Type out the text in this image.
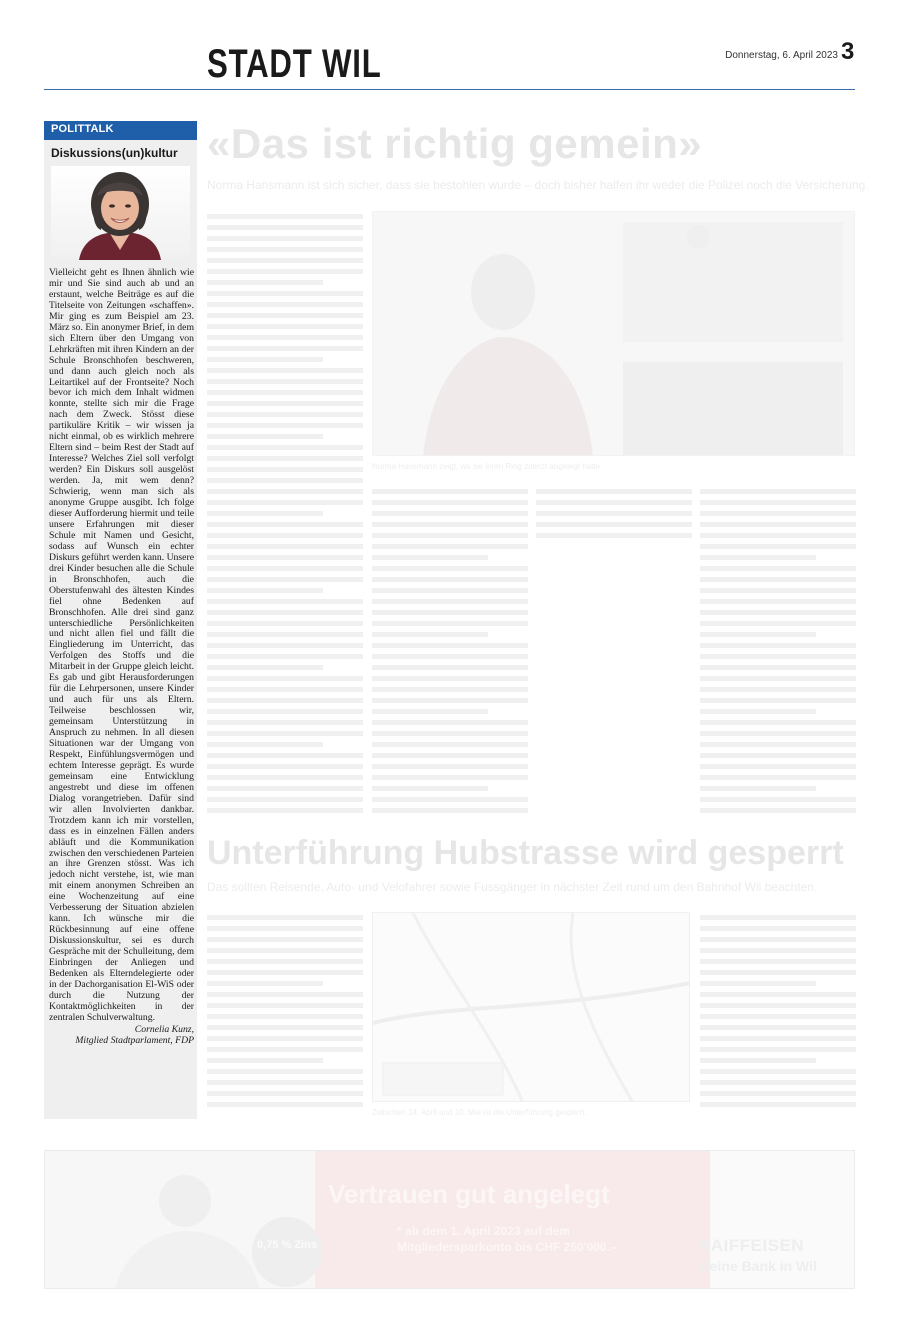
STADT WIL	Donnerstag, 6. April 2023 3
POLITTALK
Diskussions(un)kultur
Vielleicht geht es Ihnen ähnlich wie mir und Sie sind auch ab und an erstaunt, welche Beiträge es auf die Titelseite von Zeitungen «schaffen». Mir ging es zum Beispiel am 23. März so. Ein anonymer Brief, in dem sich Eltern über den Umgang von Lehrkräften mit ihren Kindern an der Schule Bronschhofen beschweren, und dann auch gleich noch als Leitartikel auf der Frontseite? Noch bevor ich mich dem Inhalt widmen konnte, stellte sich mir die Frage nach dem Zweck. Stösst diese partikuläre Kritik – wir wissen ja nicht einmal, ob es wirklich mehrere Eltern sind – beim Rest der Stadt auf Interesse? Welches Ziel soll verfolgt werden? Ein Diskurs soll ausgelöst werden. Ja, mit wem denn? Schwierig, wenn man sich als anonyme Gruppe ausgibt. Ich folge dieser Aufforderung hiermit und teile unsere Erfahrungen mit dieser Schule mit Namen und Gesicht, sodass auf Wunsch ein echter Diskurs geführt werden kann. Unsere drei Kinder besuchen alle die Schule in Bronschhofen, auch die Oberstufenwahl des ältesten Kindes fiel ohne Bedenken auf Bronschhofen. Alle drei sind ganz unterschiedliche Persönlichkeiten und nicht allen fiel und fällt die Eingliederung im Unterricht, das Verfolgen des Stoffs und die Mitarbeit in der Gruppe gleich leicht. Es gab und gibt Herausforderungen für die Lehrpersonen, unsere Kinder und auch für uns als Eltern. Teilweise beschlossen wir, gemeinsam Unterstützung in Anspruch zu nehmen. In all diesen Situationen war der Umgang von Respekt, Einfühlungsvermögen und echtem Interesse geprägt. Es wurde gemeinsam eine Entwicklung angestrebt und diese im offenen Dialog vorangetrieben. Dafür sind wir allen Involvierten dankbar. Trotzdem kann ich mir vorstellen, dass es in einzelnen Fällen anders abläuft und die Kommunikation zwischen den verschiedenen Parteien an ihre Grenzen stösst. Was ich jedoch nicht verstehe, ist, wie man mit einem anonymen Schreiben an eine Wochenzeitung auf eine Verbesserung der Situation abzielen kann. Ich wünsche mir die Rückbesinnung auf eine offene Diskussionskultur, sei es durch Gespräche mit der Schulleitung, dem Einbringen der Anliegen und Bedenken als Elterndelegierte oder in der Dachorganisation El-WiS oder durch die Nutzung der Kontaktmöglichkeiten in der zentralen Schulverwaltung.
Cornelia Kunz,
Mitglied Stadtparlament, FDP
«Das ist richtig gemein»
Norma Hansmann ist sich sicher, dass sie bestohlen wurde – doch bisher halfen ihr weder die Polizei noch die Versicherung.
Norma Hansmann zeigt, wo sie ihren Ring zuletzt abgelegt hatte.
Unterführung Hubstrasse wird gesperrt
Das sollten Reisende, Auto- und Velofahrer sowie Fussgänger in nächster Zeit rund um den Bahnhof Wil beachten.
Zwischen 14. April und 10. Mai ist die Unterführung gesperrt.
0,75 % Zins
Vertrauen gut angelegt
* ab dem 1. April 2023 auf dem
Mitgliedersparkonto bis CHF 250'000.–	RAIFFEISEN
Meine Bank in Wil
